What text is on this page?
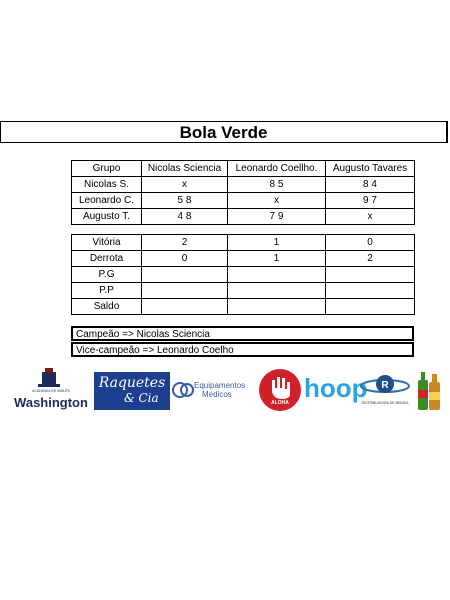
Bola Verde
Grupo	Nicolas Sciencia	Leonardo Coellho.	Augusto Tavares
Nicolas S.	x	8 5	8 4
Leonardo C.	5 8	x	9 7
Augusto T.	4 8	7 9	x
Vitória	2	1	0
Derrota	0	1	2
P.G			
P.P			
Saldo			
Campeão => Nicolas Sciencia
Vice-campeão => Leonardo Coelho
ACADEMIA DE INGLÊS
Washington
Raquetes
& Cia
Equipamentos
Médicos
ALOHA hoop R
DISTRIBUIDORA DE BEBIDA
